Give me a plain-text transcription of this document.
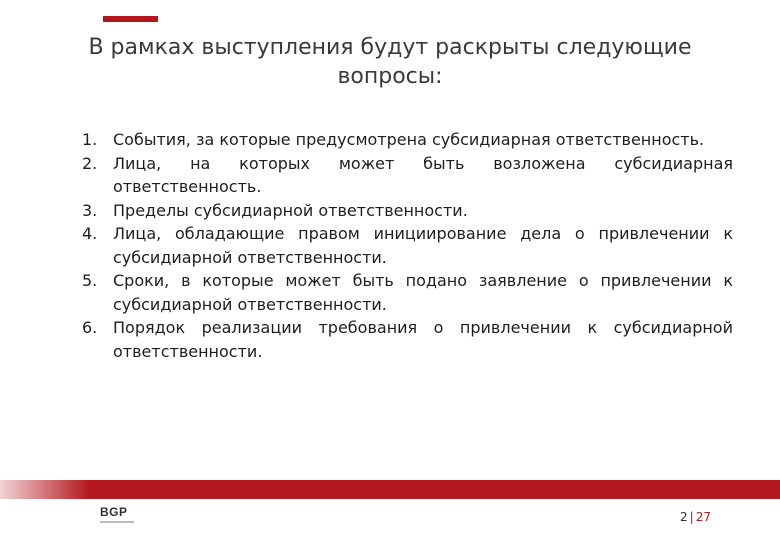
В рамках выступления будут раскрыты следующие
вопросы:
1. События, за которые предусмотрена субсидиарная ответственность.
2. Лица, на которых может быть возложена субсидиарная ответственность.
3. Пределы субсидиарной ответственности.
4. Лица, обладающие правом инициирование дела о привлечении к субсидиарной ответственности.
5. Сроки, в которые может быть подано заявление о привлечении к субсидиарной ответственности.
6. Порядок реализации требования о привлечении к субсидиарной ответственности.
BGP	2 | 27
